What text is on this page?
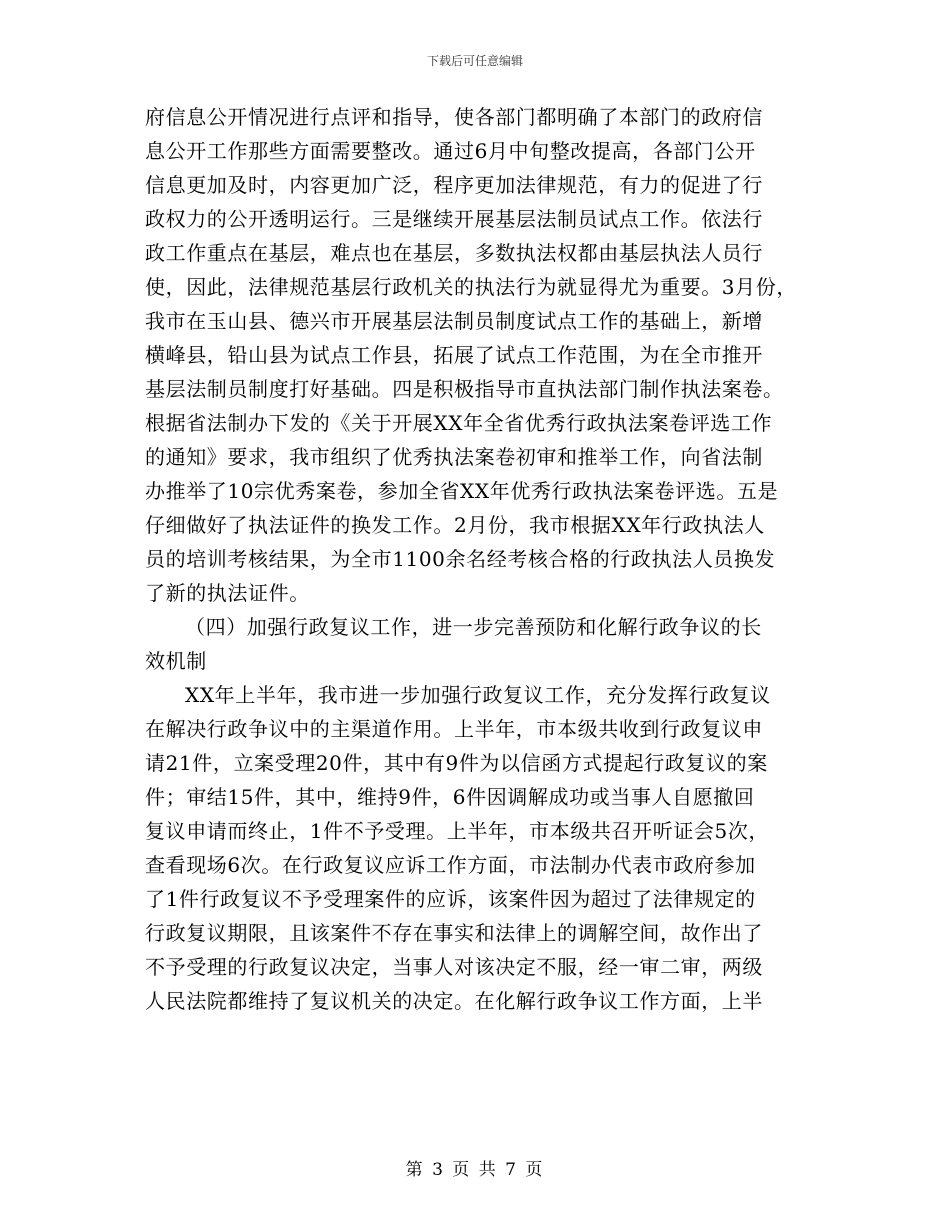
下载后可任意编辑
府信息公开情况进行点评和指导，使各部门都明确了本部门的政府信
息公开工作那些方面需要整改。通过6月中旬整改提高，各部门公开
信息更加及时，内容更加广泛，程序更加法律规范，有力的促进了行
政权力的公开透明运行。三是继续开展基层法制员试点工作。依法行
政工作重点在基层，难点也在基层，多数执法权都由基层执法人员行
使，因此，法律规范基层行政机关的执法行为就显得尤为重要。3月份，
我市在玉山县、德兴市开展基层法制员制度试点工作的基础上，新增
横峰县，铅山县为试点工作县，拓展了试点工作范围，为在全市推开
基层法制员制度打好基础。四是积极指导市直执法部门制作执法案卷。
根据省法制办下发的《关于开展XX年全省优秀行政执法案卷评选工作
的通知》要求，我市组织了优秀执法案卷初审和推举工作，向省法制
办推举了10宗优秀案卷，参加全省XX年优秀行政执法案卷评选。五是
仔细做好了执法证件的换发工作。2月份，我市根据XX年行政执法人
员的培训考核结果，为全市1100余名经考核合格的行政执法人员换发
了新的执法证件。
（四）加强行政复议工作，进一步完善预防和化解行政争议的长
效机制
XX年上半年，我市进一步加强行政复议工作，充分发挥行政复议
在解决行政争议中的主渠道作用。上半年，市本级共收到行政复议申
请21件，立案受理20件，其中有9件为以信函方式提起行政复议的案
件；审结15件，其中，维持9件，6件因调解成功或当事人自愿撤回
复议申请而终止，1件不予受理。上半年，市本级共召开听证会5次，
查看现场6次。在行政复议应诉工作方面，市法制办代表市政府参加
了1件行政复议不予受理案件的应诉，该案件因为超过了法律规定的
行政复议期限，且该案件不存在事实和法律上的调解空间，故作出了
不予受理的行政复议决定，当事人对该决定不服，经一审二审，两级
人民法院都维持了复议机关的决定。在化解行政争议工作方面，上半
第 3 页 共 7 页
